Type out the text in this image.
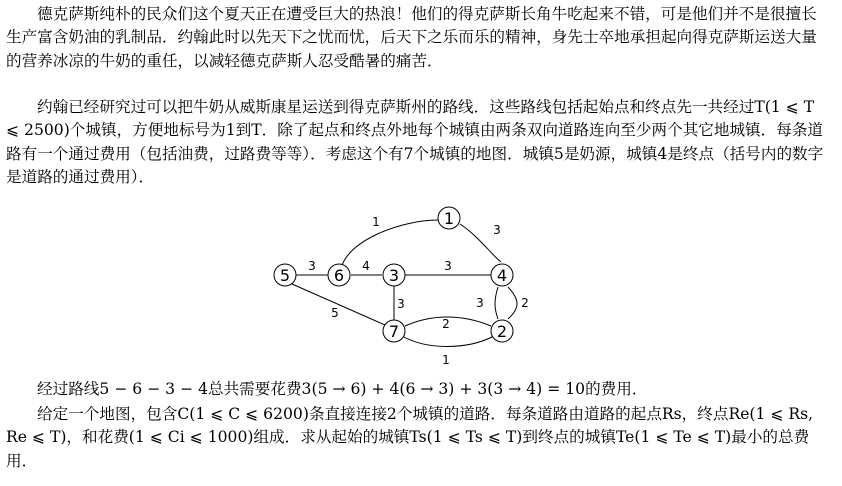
德克萨斯纯朴的民众们这个夏天正在遭受巨大的热浪！他们的得克萨斯长角牛吃起来不错，可是他们并不是很擅长生产富含奶油的乳制品．约翰此时以先天下之忧而忧，后天下之乐而乐的精神，身先士卒地承担起向得克萨斯运送大量的营养冰凉的牛奶的重任，以减轻德克萨斯人忍受酷暑的痛苦．

约翰已经研究过可以把牛奶从威斯康星运送到得克萨斯州的路线．这些路线包括起始点和终点先一共经过T(1 ⩽ T ⩽ 2500)个城镇，方便地标号为1到T．除了起点和终点外地每个城镇由两条双向道路连向至少两个其它地城镇．每条道路有一个通过费用（包括油费，过路费等等）．考虑这个有7个城镇的地图．城镇5是奶源，城镇4是终点（括号内的数字是道路的通过费用）．

1
5	6	3	4
7	2
1
3
3	4	3
5
3	3	2
2
1

经过路线5 − 6 − 3 − 4总共需要花费3(5 → 6) + 4(6 → 3) + 3(3 → 4) = 10的费用．

给定一个地图，包含C(1 ⩽ C ⩽ 6200)条直接连接2个城镇的道路．每条道路由道路的起点Rs，终点Re(1 ⩽ Rs, Re ⩽ T)，和花费(1 ⩽ Ci ⩽ 1000)组成．求从起始的城镇Ts(1 ⩽ Ts ⩽ T)到终点的城镇Te(1 ⩽ Te ⩽ T)最小的总费用．
